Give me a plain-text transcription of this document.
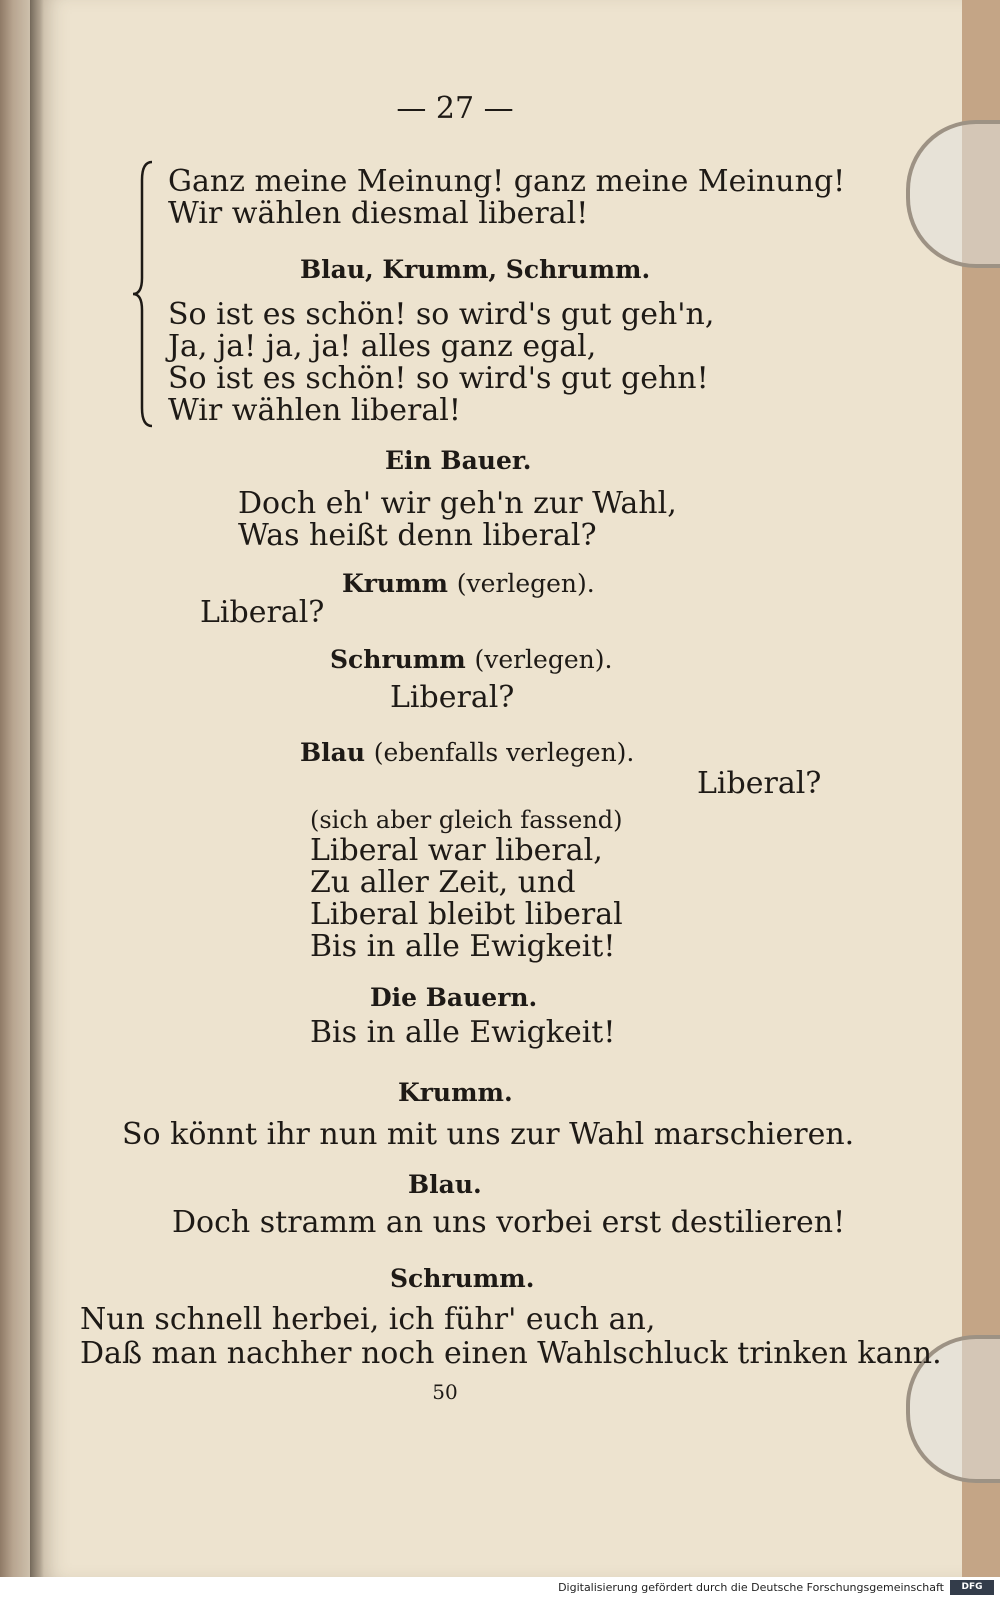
— 27 —
Ganz meine Meinung! ganz meine Meinung!
Wir wählen diesmal liberal!
Blau, Krumm, Schrumm.
So ist es schön! so wird's gut geh'n,
Ja, ja! ja, ja! alles ganz egal,
So ist es schön! so wird's gut gehn!
Wir wählen liberal!
Ein Bauer.
Doch eh' wir geh'n zur Wahl,
Was heißt denn liberal?
Krumm (verlegen).
Liberal?
Schrumm (verlegen).
Liberal?
Blau (ebenfalls verlegen).
Liberal?
(sich aber gleich fassend)
Liberal war liberal,
Zu aller Zeit, und
Liberal bleibt liberal
Bis in alle Ewigkeit!
Die Bauern.
Bis in alle Ewigkeit!
Krumm.
So könnt ihr nun mit uns zur Wahl marschieren.
Blau.
Doch stramm an uns vorbei erst destilieren!
Schrumm.
Nun schnell herbei, ich führ' euch an,
Daß man nachher noch einen Wahlschluck trinken kann.
50
Digitalisierung gefördert durch die Deutsche Forschungsgemeinschaft	DFG
